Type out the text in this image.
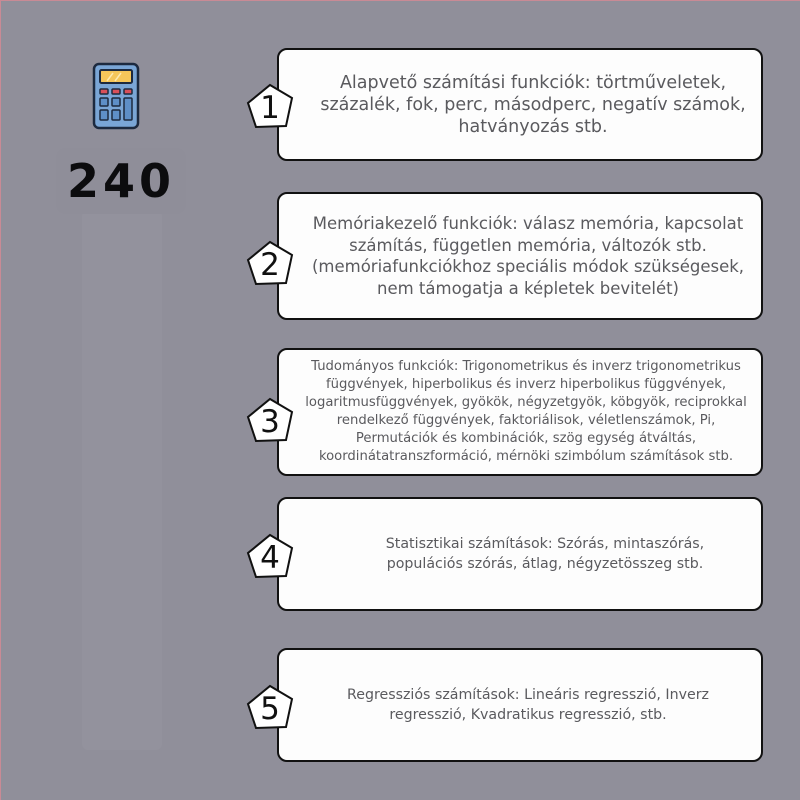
240
Alapvető számítási funkciók: törtműveletek, százalék, fok, perc, másodperc, negatív számok, hatványozás stb.
1
Memóriakezelő funkciók: válasz memória, kapcsolat számítás, független memória, változók stb. (memóriafunkciókhoz speciális módok szükségesek, nem támogatja a képletek bevitelét)
2
Tudományos funkciók: Trigonometrikus és inverz trigonometrikus függvények, hiperbolikus és inverz hiperbolikus függvények, logaritmusfüggvények, gyökök, négyzetgyök, köbgyök, reciprokkal rendelkező függvények, faktoriálisok, véletlenszámok, Pi, Permutációk és kombinációk, szög egység átváltás, koordinátatranszformáció, mérnöki szimbólum számítások stb.
3
Statisztikai számítások: Szórás, mintaszórás, populációs szórás, átlag, négyzetösszeg stb.
4
Regressziós számítások: Lineáris regresszió, Inverz regresszió, Kvadratikus regresszió, stb.
5
